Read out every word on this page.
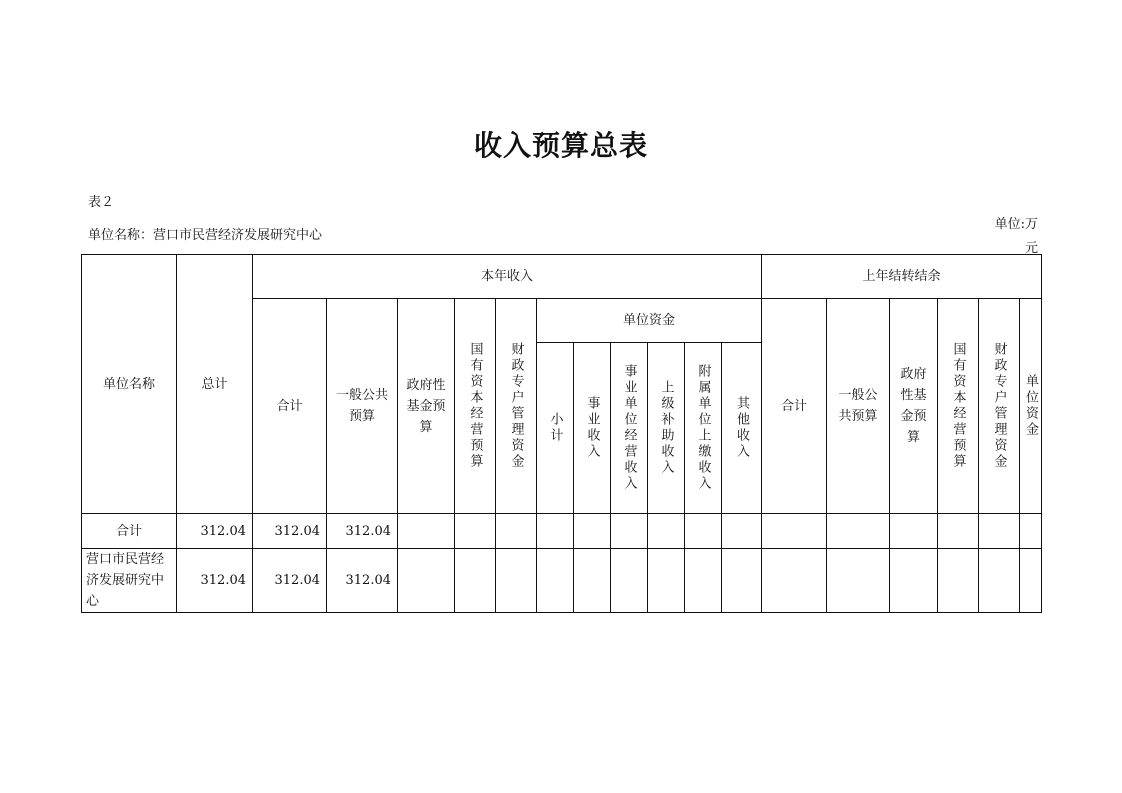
收入预算总表
表２
单位名称：营口市民营经济发展研究中心
单位:万元
单位名称	总计	本年收入											上年结转结余					
		合计	一般公共预算	政府性基金预算	国有资本经营预算	财政专户管理资金	单位资金						合计	一般公共预算	政府性基金预算	国有资本经营预算	财政专户管理资金	单位资金

							小计	事业收入	事业单位经营收入	上级补助收入	附属单位上缴收入	其他收入						

合计	312.04	312.04	312.04															

营口市民营经济发展研究中心	312.04	312.04	312.04															
